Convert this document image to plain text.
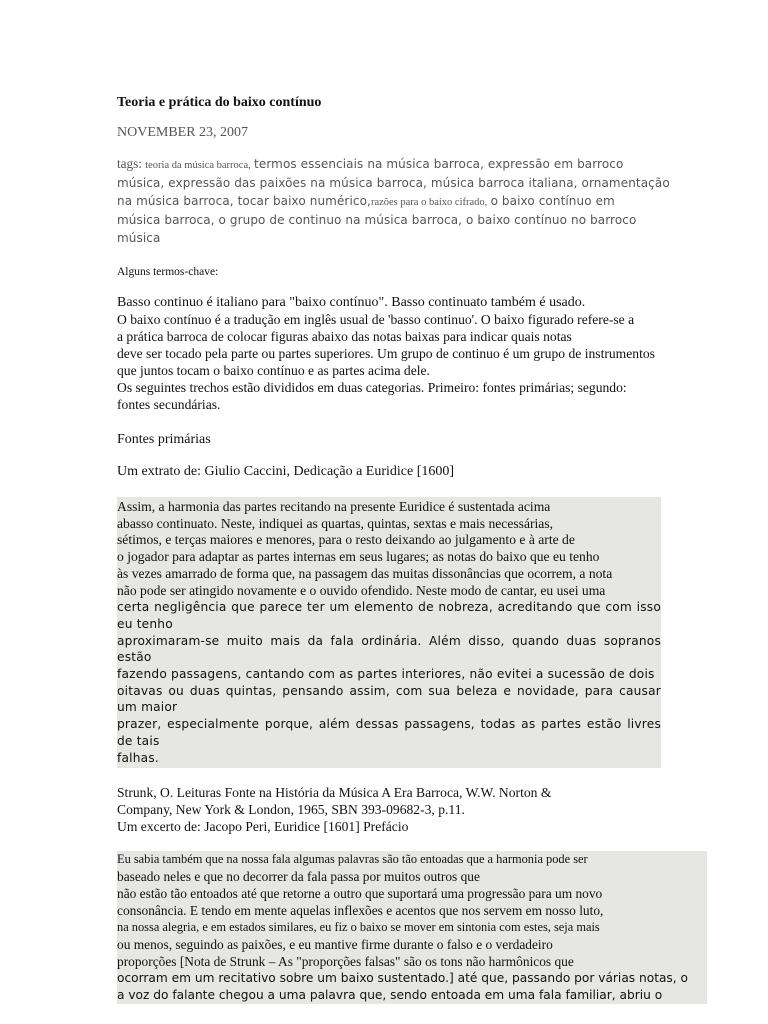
Teoria e prática do baixo contínuo
NOVEMBER 23, 2007
tags: teoria da música barroca, termos essenciais na música barroca, expressão em barroco
música, expressão das paixões na música barroca, música barroca italiana, ornamentação
na música barroca, tocar baixo numérico,razões para o baixo cifrado, o baixo contínuo em
música barroca, o grupo de continuo na música barroca, o baixo contínuo no barroco
música
Alguns termos-chave:
Basso continuo é italiano para "baixo contínuo". Basso continuato também é usado.
O baixo contínuo é a tradução em inglês usual de 'basso continuo'. O baixo figurado refere-se a
a prática barroca de colocar figuras abaixo das notas baixas para indicar quais notas
deve ser tocado pela parte ou partes superiores. Um grupo de continuo é um grupo de instrumentos
que juntos tocam o baixo contínuo e as partes acima dele.
Os seguintes trechos estão divididos em duas categorias. Primeiro: fontes primárias; segundo:
fontes secundárias.
Fontes primárias
Um extrato de: Giulio Caccini, Dedicação a Euridice [1600]
Assim, a harmonia das partes recitando na presente Euridice é sustentada acima
abasso continuato. Neste, indiquei as quartas, quintas, sextas e mais necessárias,
sétimos, e terças maiores e menores, para o resto deixando ao julgamento e à arte de
o jogador para adaptar as partes internas em seus lugares; as notas do baixo que eu tenho
às vezes amarrado de forma que, na passagem das muitas dissonâncias que ocorrem, a nota
não pode ser atingido novamente e o ouvido ofendido. Neste modo de cantar, eu usei uma
certa negligência que parece ter um elemento de nobreza, acreditando que com isso eu tenho
aproximaram-se muito mais da fala ordinária. Além disso, quando duas sopranos estão
fazendo passagens, cantando com as partes interiores, não evitei a sucessão de dois
oitavas ou duas quintas, pensando assim, com sua beleza e novidade, para causar um maior
prazer, especialmente porque, além dessas passagens, todas as partes estão livres de tais
falhas.
Strunk, O. Leituras Fonte na História da Música A Era Barroca, W.W. Norton &
Company, New York & London, 1965, SBN 393-09682-3, p.11.
Um excerto de: Jacopo Peri, Euridice [1601] Prefácio
Eu sabia também que na nossa fala algumas palavras são tão entoadas que a harmonia pode ser
baseado neles e que no decorrer da fala passa por muitos outros que
não estão tão entoados até que retorne a outro que suportará uma progressão para um novo
consonância. E tendo em mente aquelas inflexões e acentos que nos servem em nosso luto,
na nossa alegria, e em estados similares, eu fiz o baixo se mover em sintonia com estes, seja mais
ou menos, seguindo as paixões, e eu mantive firme durante o falso e o verdadeiro
proporções [Nota de Strunk – As "proporções falsas" são os tons não harmônicos que
ocorram em um recitativo sobre um baixo sustentado.] até que, passando por várias notas, o
a voz do falante chegou a uma palavra que, sendo entoada em uma fala familiar, abriu o
